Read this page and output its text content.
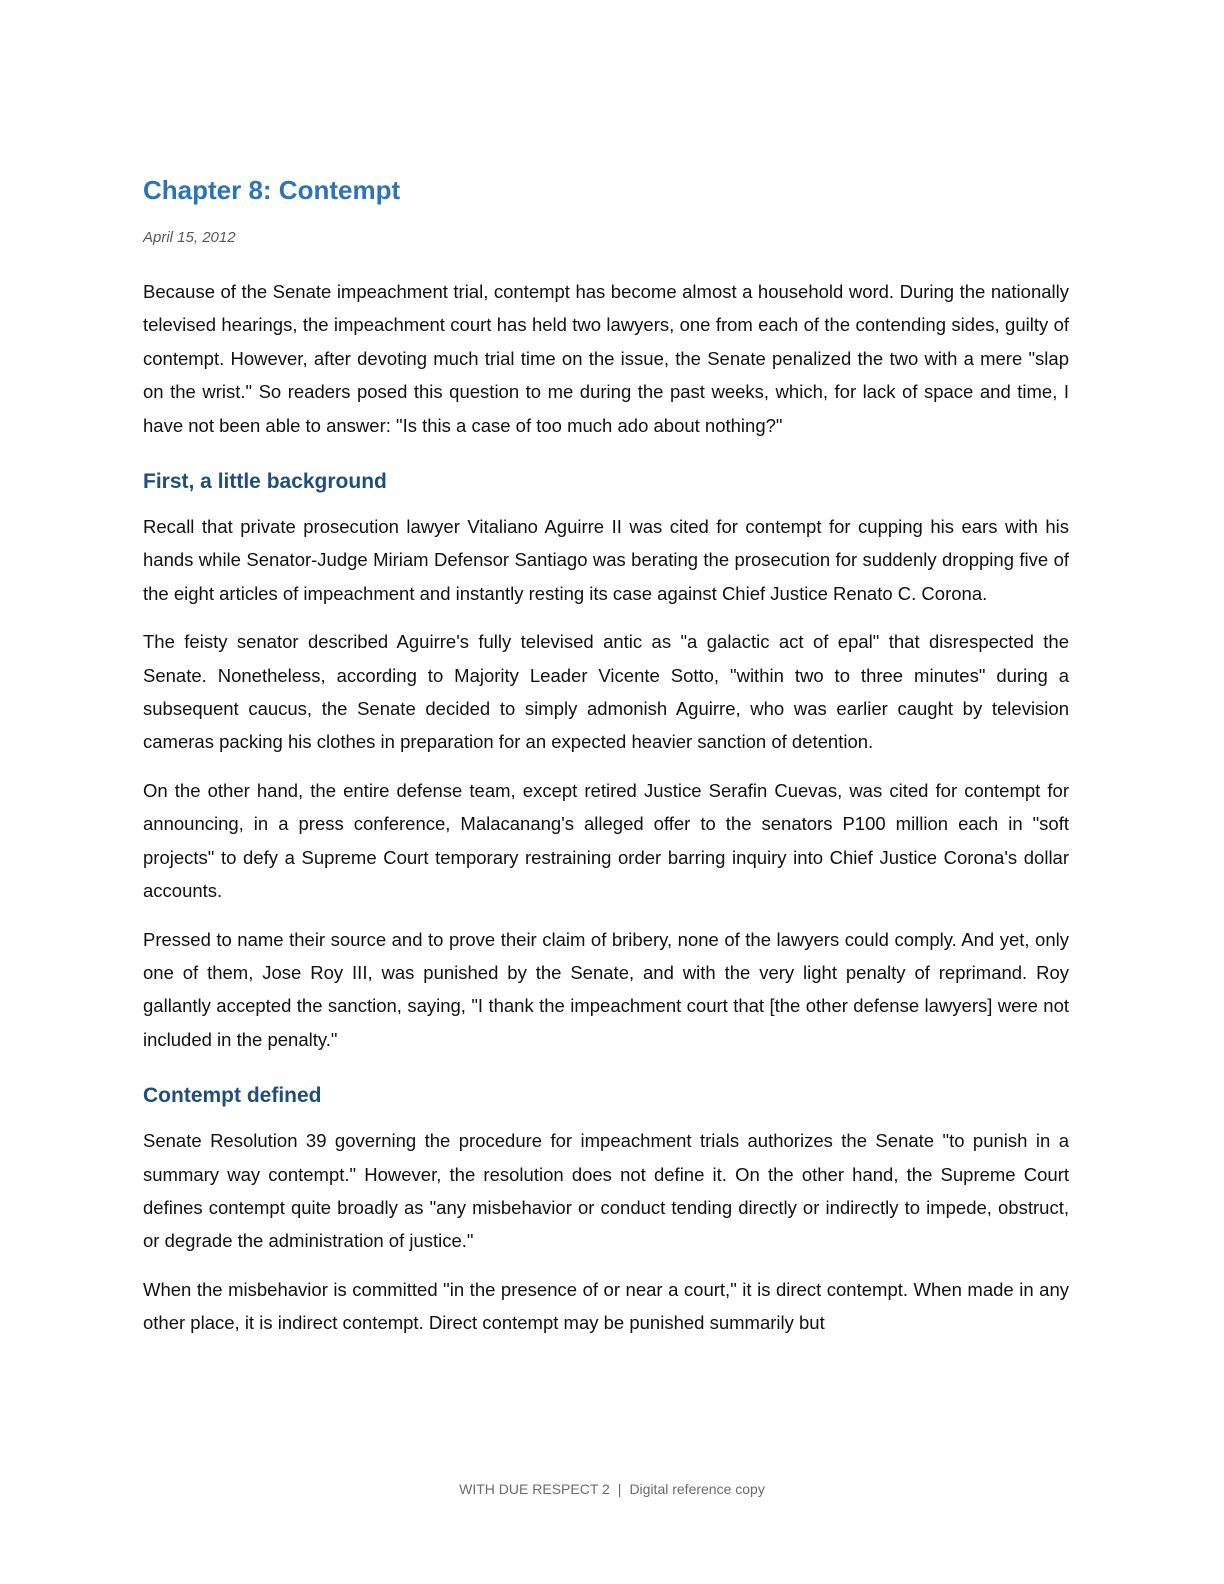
Chapter 8: Contempt
April 15, 2012

Because of the Senate impeachment trial, contempt has become almost a household word. During the nationally televised hearings, the impeachment court has held two lawyers, one from each of the contending sides, guilty of contempt. However, after devoting much trial time on the issue, the Senate penalized the two with a mere "slap on the wrist." So readers posed this question to me during the past weeks, which, for lack of space and time, I have not been able to answer: "Is this a case of too much ado about nothing?"

First, a little background

Recall that private prosecution lawyer Vitaliano Aguirre II was cited for contempt for cupping his ears with his hands while Senator-Judge Miriam Defensor Santiago was berating the prosecution for suddenly dropping five of the eight articles of impeachment and instantly resting its case against Chief Justice Renato C. Corona.

The feisty senator described Aguirre's fully televised antic as "a galactic act of epal" that disrespected the Senate. Nonetheless, according to Majority Leader Vicente Sotto, "within two to three minutes" during a subsequent caucus, the Senate decided to simply admonish Aguirre, who was earlier caught by television cameras packing his clothes in preparation for an expected heavier sanction of detention.

On the other hand, the entire defense team, except retired Justice Serafin Cuevas, was cited for contempt for announcing, in a press conference, Malacanang's alleged offer to the senators P100 million each in "soft projects" to defy a Supreme Court temporary restraining order barring inquiry into Chief Justice Corona's dollar accounts.

Pressed to name their source and to prove their claim of bribery, none of the lawyers could comply. And yet, only one of them, Jose Roy III, was punished by the Senate, and with the very light penalty of reprimand. Roy gallantly accepted the sanction, saying, "I thank the impeachment court that [the other defense lawyers] were not included in the penalty."

Contempt defined

Senate Resolution 39 governing the procedure for impeachment trials authorizes the Senate "to punish in a summary way contempt." However, the resolution does not define it. On the other hand, the Supreme Court defines contempt quite broadly as "any misbehavior or conduct tending directly or indirectly to impede, obstruct, or degrade the administration of justice."

When the misbehavior is committed "in the presence of or near a court," it is direct contempt. When made in any other place, it is indirect contempt. Direct contempt may be punished summarily but

WITH DUE RESPECT 2 | Digital reference copy
